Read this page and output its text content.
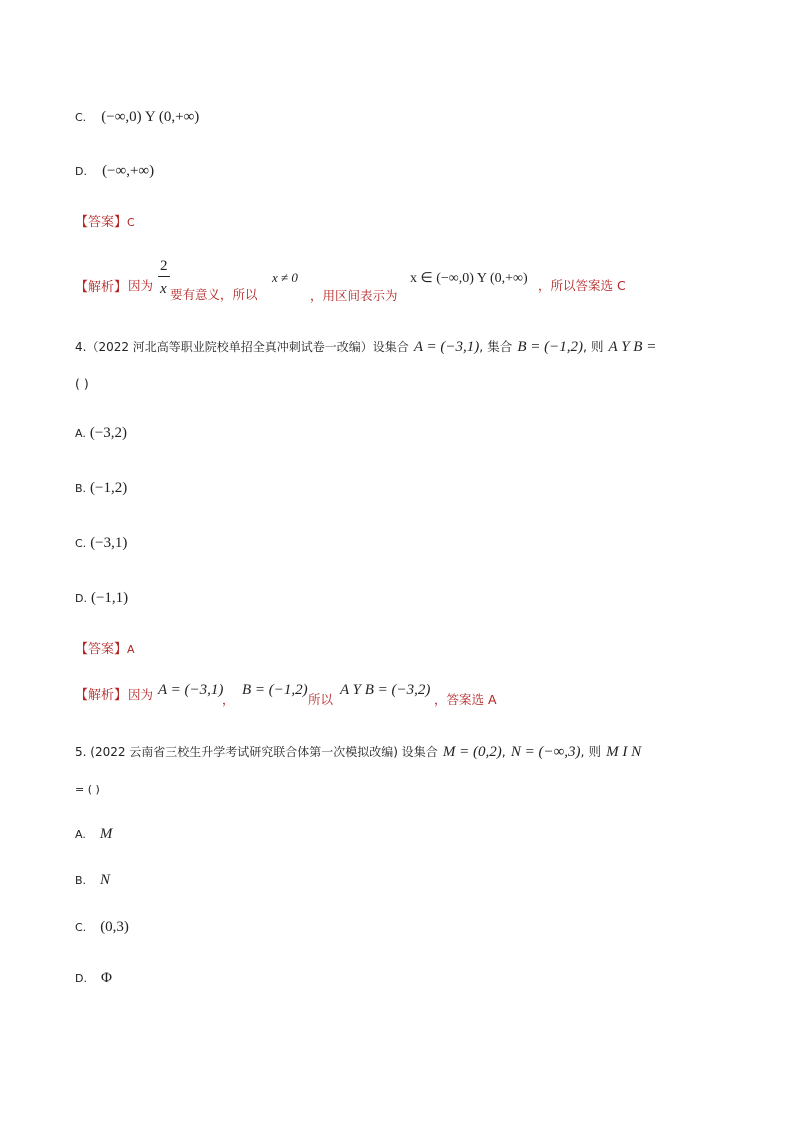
C. (−∞,0) Y (0,+∞)
D. (−∞,+∞)
【答案】C
【解析】 因为
2
x 要有意义，所以
x ≠ 0
，用区间表示为
x ∈ (−∞,0) Y (0,+∞) ，所以答案选 C
4.（2022 河北高等职业院校单招全真冲刺试卷一改编）设集合 A = (−3,1), 集合 B = (−1,2), 则 A Y B =
( )
A. (−3,2)
B. (−1,2)
C. (−3,1)
D. (−1,1)
【答案】A
【解析】 因为 A = (−3,1)
，
B = (−1,2)
所以
A Y B = (−3,2)
，答案选 A
5. (2022 云南省三校生升学考试研究联合体第一次模拟改编) 设集合 M = (0,2), N = (−∞,3), 则 M I N
= ( )
A. M
B. N
C. (0,3)
D. Φ
